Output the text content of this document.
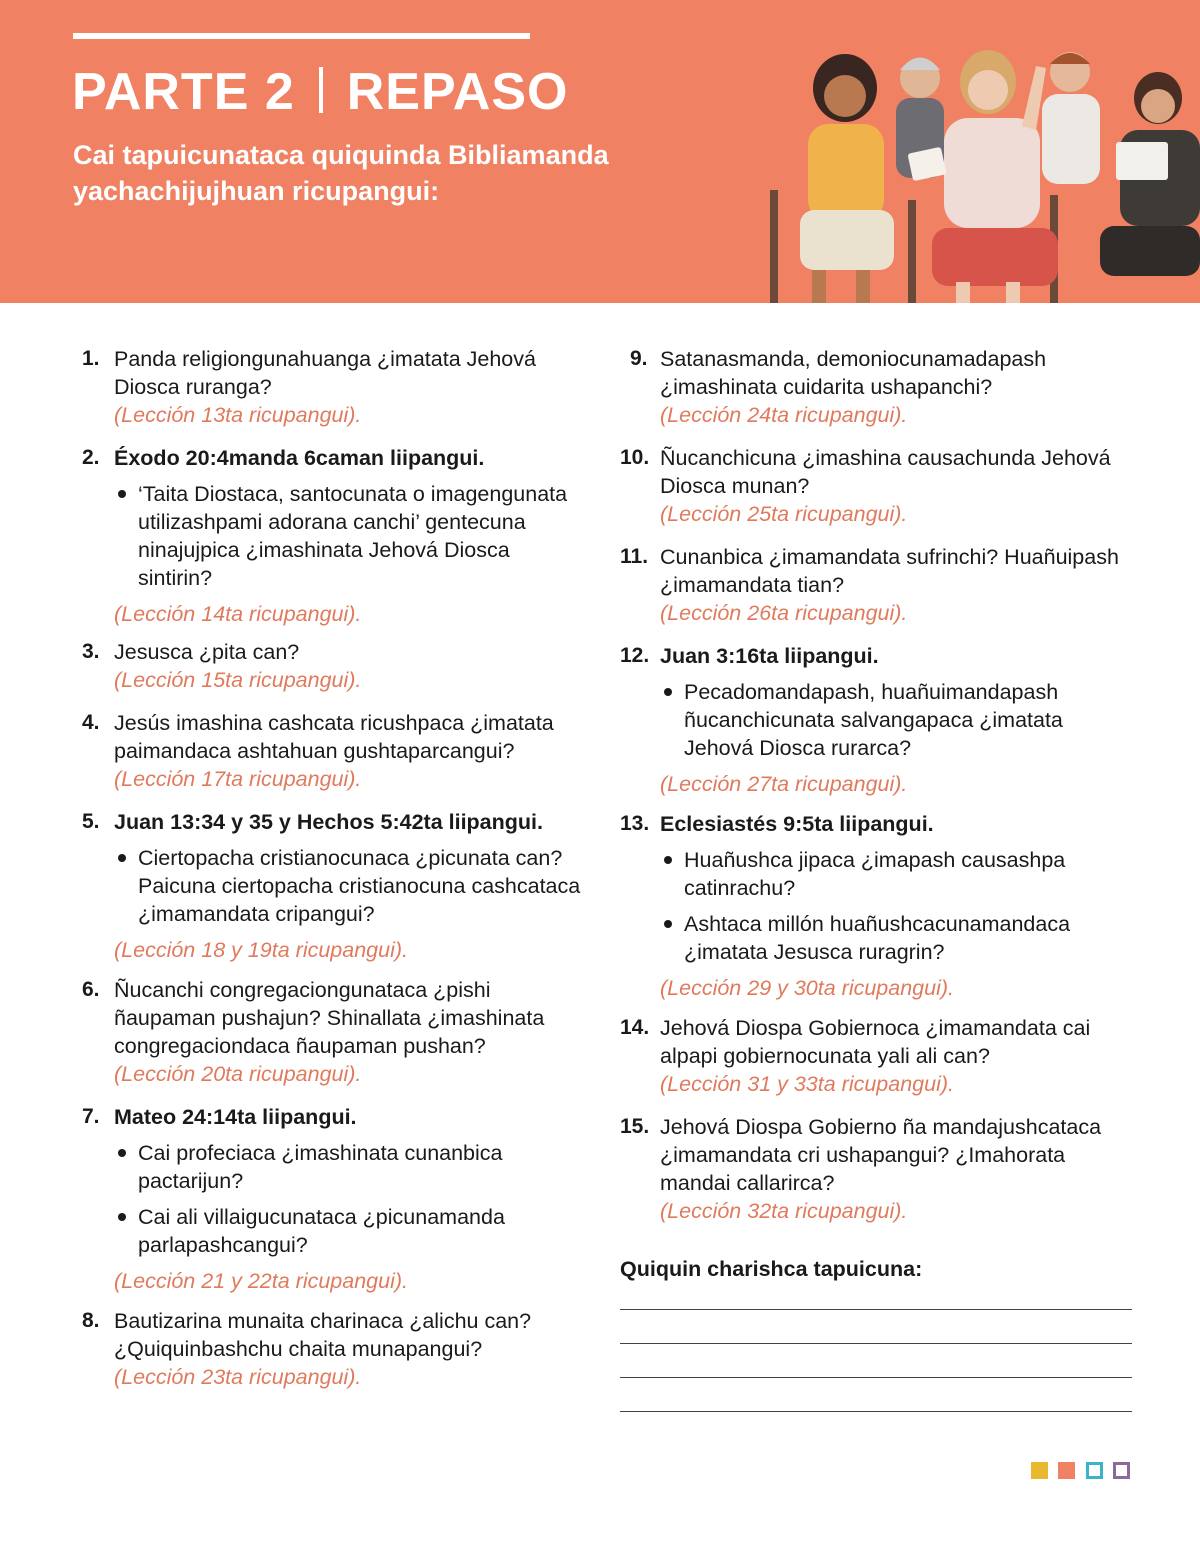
PARTE 2 REPASO

Cai tapuicunataca quiquinda Bibliamanda yachachijujhuan ricupangui:

1. Panda religiongunahuanga ¿imatata Jehová Diosca ruranga?
(Lección 13ta ricupangui).
2. Éxodo 20:4manda 6caman liipangui.
‘Taita Diostaca, santocunata o imagengunata utilizashpami adorana canchi’ gentecuna ninajujpica ¿imashinata Jehová Diosca sintirin?
(Lección 14ta ricupangui).
3. Jesusca ¿pita can?
(Lección 15ta ricupangui).
4. Jesús imashina cashcata ricushpaca ¿imatata paimandaca ashtahuan gushtaparcangui?
(Lección 17ta ricupangui).
5. Juan 13:34 y 35 y Hechos 5:42ta liipangui.
Ciertopacha cristianocunaca ¿picunata can? Paicuna ciertopacha cristianocuna cashcataca ¿imamandata cripangui?
(Lección 18 y 19ta ricupangui).
6. Ñucanchi congregaciongunataca ¿pishi ñaupaman pushajun? Shinallata ¿imashinata congregaciondaca ñaupaman pushan?
(Lección 20ta ricupangui).
7. Mateo 24:14ta liipangui.
Cai profeciaca ¿imashinata cunanbica pactarijun?
Cai ali villaigucunataca ¿picunamanda parlapashcangui?
(Lección 21 y 22ta ricupangui).
8. Bautizarina munaita charinaca ¿alichu can? ¿Quiquinbashchu chaita munapangui?
(Lección 23ta ricupangui).
9. Satanasmanda, demoniocunamadapash ¿imashinata cuidarita ushapanchi?
(Lección 24ta ricupangui).
10. Ñucanchicuna ¿imashina causachunda Jehová Diosca munan?
(Lección 25ta ricupangui).
11. Cunanbica ¿imamandata sufrinchi? Huañuipash ¿imamandata tian?
(Lección 26ta ricupangui).
12. Juan 3:16ta liipangui.
Pecadomandapash, huañuimandapash ñucanchicunata salvangapaca ¿imatata Jehová Diosca rurarca?
(Lección 27ta ricupangui).
13. Eclesiastés 9:5ta liipangui.
Huañushca jipaca ¿imapash causashpa catinrachu?
Ashtaca millón huañushcacunamandaca ¿imatata Jesusca ruragrin?
(Lección 29 y 30ta ricupangui).
14. Jehová Diospa Gobiernoca ¿imamandata cai alpapi gobiernocunata yali ali can?
(Lección 31 y 33ta ricupangui).
15. Jehová Diospa Gobierno ña mandajushcataca ¿imamandata cri ushapangui? ¿Imahorata mandai callarirca?
(Lección 32ta ricupangui).
Quiquin charishca tapuicuna:
